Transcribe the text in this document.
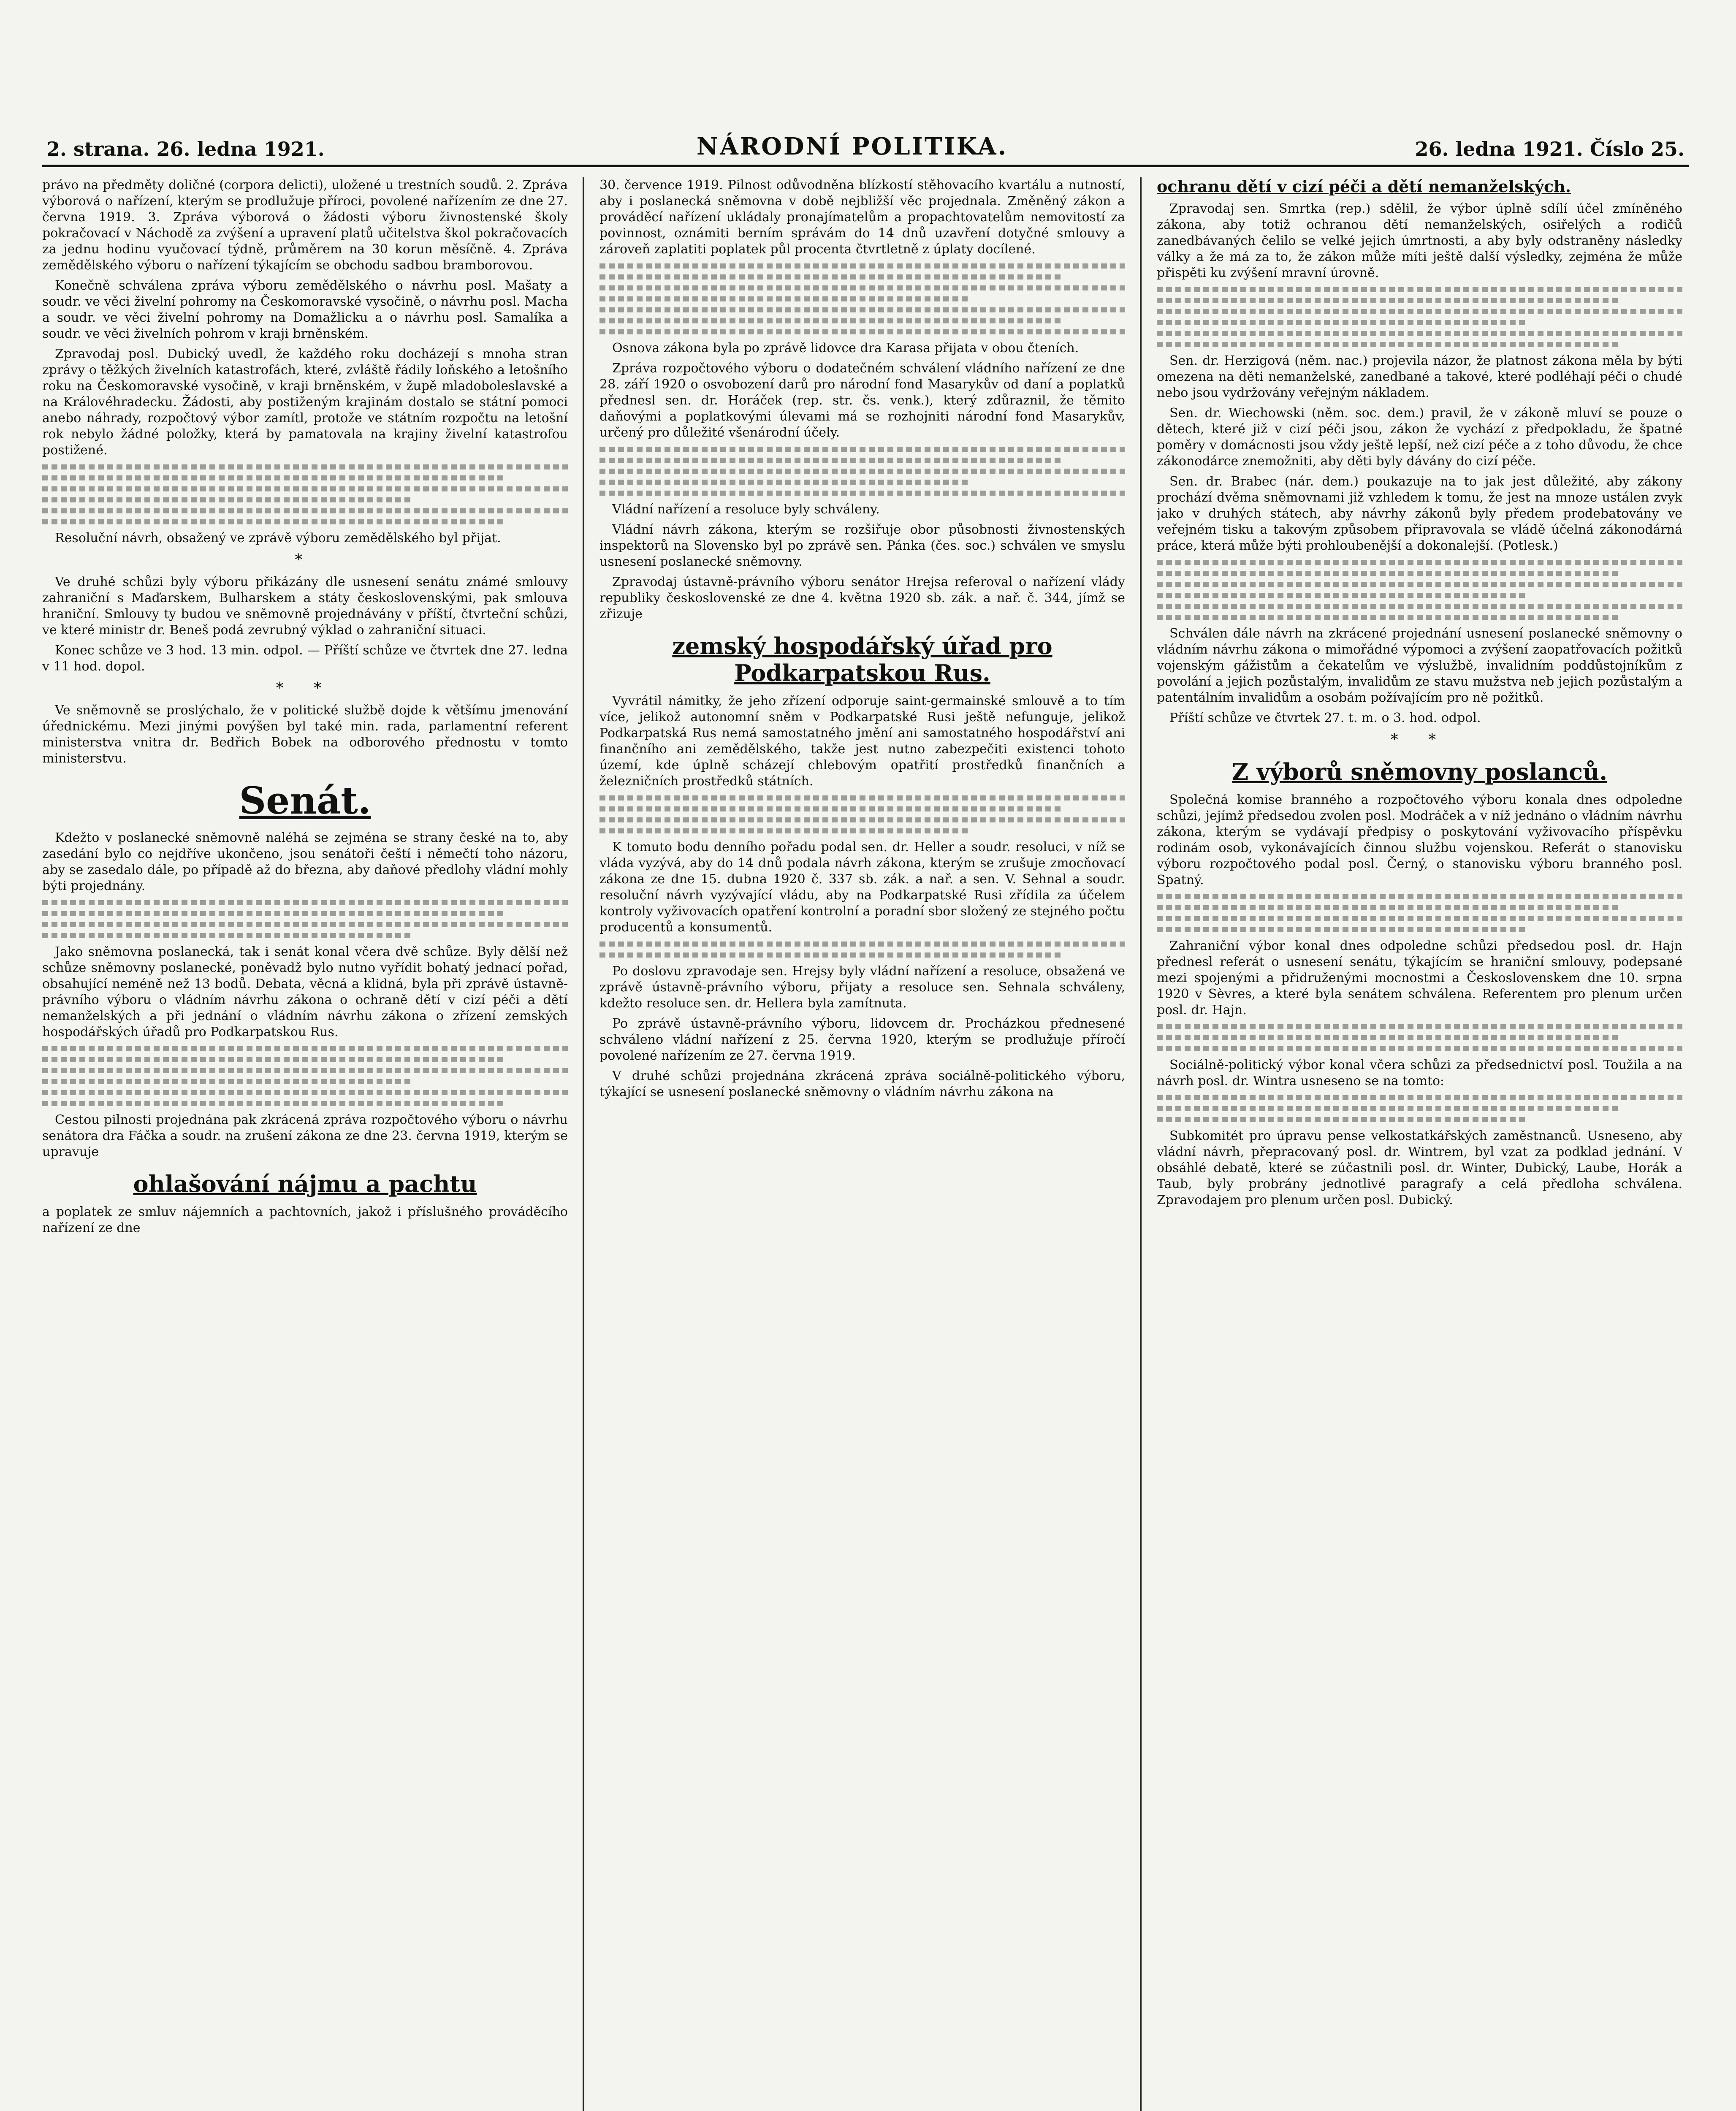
2. strana. 26. ledna 1921.	NÁRODNÍ POLITIKA.	26. ledna 1921. Číslo 25.

právo na předměty doličné (corpora delicti), uložené u trestních soudů. 2. Zpráva výborová o nařízení, kterým se prodlužuje příroci, povolené nařízením ze dne 27. června 1919. 3. Zpráva výborová o žádosti výboru živnostenské školy pokračovací v Náchodě za zvýšení a upravení platů učitelstva škol pokračovacích za jednu hodinu vyučovací týdně, průměrem na 30 korun měsíčně. 4. Zpráva zemědělského výboru o nařízení týkajícím se obchodu sadbou bramborovou.

Konečně schválena zpráva výboru zemědělského o návrhu posl. Mašaty a soudr. ve věci živelní pohromy na Českomoravské vysočině, o návrhu posl. Macha a soudr. ve věci živelní pohromy na Domažlicku a o návrhu posl. Samalíka a soudr. ve věci živelních pohrom v kraji brněnském.

Zpravodaj posl. Dubický uvedl, že každého roku docházejí s mnoha stran zprávy o těžkých živelních katastrofách, které, zvláště řádily loňského a letošního roku na Českomoravské vysočině, v kraji brněnském, v župě mladoboleslavské a na Královéhradecku. Žádosti, aby postiženým krajinám dostalo se státní pomoci anebo náhrady, rozpočtový výbor zamítl, protože ve státním rozpočtu na letošní rok nebylo žádné položky, která by pamatovala na krajiny živelní katastrofou postižené.

Resoluční návrh, obsažený ve zprávě výboru zemědělského byl přijat.

*

Ve druhé schůzi byly výboru přikázány dle usnesení senátu známé smlouvy zahraniční s Maďarskem, Bulharskem a státy československými, pak smlouva hraniční. Smlouvy ty budou ve sněmovně projednávány v příští, čtvrteční schůzi, ve které ministr dr. Beneš podá zevrubný výklad o zahraniční situaci.

Konec schůze ve 3 hod. 13 min. odpol. — Příští schůze ve čtvrtek dne 27. ledna v 11 hod. dopol.

* *

Ve sněmovně se proslýchalo, že v politické službě dojde k většímu jmenování úřednickému. Mezi jinými povýšen byl také min. rada, parlamentní referent ministerstva vnitra dr. Bedřich Bobek na odborového přednostu v tomto ministerstvu.

Senát.

Kdežto v poslanecké sněmovně naléhá se zejména se strany české na to, aby zasedání bylo co nejdříve ukončeno, jsou senátoři čeští i němečtí toho názoru, aby se zasedalo dále, po případě až do března, aby daňové předlohy vládní mohly býti projednány.

Jako sněmovna poslanecká, tak i senát konal včera dvě schůze. Byly dělší než schůze sněmovny poslanecké, poněvadž bylo nutno vyřídit bohatý jednací pořad, obsahující neméně než 13 bodů. Debata, věcná a klidná, byla při zprávě ústavně-právního výboru o vládním návrhu zákona o ochraně dětí v cizí péči a dětí nemanželských a při jednání o vládním návrhu zákona o zřízení zemských hospodářských úřadů pro Podkarpatskou Rus.

Cestou pilnosti projednána pak zkrácená zpráva rozpočtového výboru o návrhu senátora dra Fáčka a soudr. na zrušení zákona ze dne 23. června 1919, kterým se upravuje

ohlašování nájmu a pachtu

a poplatek ze smluv nájemních a pachtovních, jakož i příslušného prováděcího nařízení ze dne

30. července 1919. Pilnost odůvodněna blízkostí stěhovacího kvartálu a nutností, aby i poslanecká sněmovna v době nejbližší věc projednala. Změněný zákon a prováděcí nařízení ukládaly pronajímatelům a propachtovatelům nemovitostí za povinnost, oznámiti berním správám do 14 dnů uzavření dotyčné smlouvy a zároveň zaplatiti poplatek půl procenta čtvrtletně z úplaty docílené.

Osnova zákona byla po zprávě lidovce dra Karasa přijata v obou čteních.

Zpráva rozpočtového výboru o dodatečném schválení vládního nařízení ze dne 28. září 1920 o osvobození darů pro národní fond Masarykův od daní a poplatků přednesl sen. dr. Horáček (rep. str. čs. venk.), který zdůraznil, že těmito daňovými a poplatkovými úlevami má se rozhojniti národní fond Masarykův, určený pro důležité všenárodní účely.

Vládní nařízení a resoluce byly schváleny.

Vládní návrh zákona, kterým se rozšiřuje obor působnosti živnostenských inspektorů na Slovensko byl po zprávě sen. Pánka (čes. soc.) schválen ve smyslu usnesení poslanecké sněmovny.

Zpravodaj ústavně-právního výboru senátor Hrejsa referoval o nařízení vlády republiky československé ze dne 4. května 1920 sb. zák. a nař. č. 344, jímž se zřizuje

zemský hospodářský úřad pro Podkarpatskou Rus.

Vyvrátil námitky, že jeho zřízení odporuje saint-germainské smlouvě a to tím více, jelikož autonomní sněm v Podkarpatské Rusi ještě nefunguje, jelikož Podkarpatská Rus nemá samostatného jmění ani samostatného hospodářství ani finančního ani zemědělského, takže jest nutno zabezpečiti existenci tohoto území, kde úplně scházejí chlebovým opatřití prostředků finančních a železničních prostředků státních.

K tomuto bodu denního pořadu podal sen. dr. Heller a soudr. resoluci, v níž se vláda vyzývá, aby do 14 dnů podala návrh zákona, kterým se zrušuje zmocňovací zákona ze dne 15. dubna 1920 č. 337 sb. zák. a nař. a sen. V. Sehnal a soudr. resoluční návrh vyzývající vládu, aby na Podkarpatské Rusi zřídila za účelem kontroly vyživovacích opatření kontrolní a poradní sbor složený ze stejného počtu producentů a konsumentů.

Po doslovu zpravodaje sen. Hrejsy byly vládní nařízení a resoluce, obsažená ve zprávě ústavně-právního výboru, přijaty a resoluce sen. Sehnala schváleny, kdežto resoluce sen. dr. Hellera byla zamítnuta.

Po zprávě ústavně-právního výboru, lidovcem dr. Procházkou přednesené schváleno vládní nařízení z 25. června 1920, kterým se prodlužuje příročí povolené nařízením ze 27. června 1919.

V druhé schůzi projednána zkrácená zpráva sociálně-politického výboru, týkající se usnesení poslanecké sněmovny o vládním návrhu zákona na

ochranu dětí v cizí péči a dětí nemanželských.

Zpravodaj sen. Smrtka (rep.) sdělil, že výbor úplně sdílí účel zmíněného zákona, aby totiž ochranou dětí nemanželských, osiřelých a rodičů zanedbávaných čelilo se velké jejich úmrtnosti, a aby byly odstraněny následky války a že má za to, že zákon může míti ještě další výsledky, zejména že může přispěti ku zvýšení mravní úrovně.

Sen. dr. Herzigová (něm. nac.) projevila názor, že platnost zákona měla by býti omezena na děti nemanželské, zanedbané a takové, které podléhají péči o chudé nebo jsou vydržovány veřejným nákladem.

Sen. dr. Wiechowski (něm. soc. dem.) pravil, že v zákoně mluví se pouze o dětech, které již v cizí péči jsou, zákon že vychází z předpokladu, že špatné poměry v domácnosti jsou vždy ještě lepší, než cizí péče a z toho důvodu, že chce zákonodárce znemožniti, aby děti byly dávány do cizí péče.

Sen. dr. Brabec (nár. dem.) poukazuje na to jak jest důležité, aby zákony prochází dvěma sněmovnami již vzhledem k tomu, že jest na mnoze ustálen zvyk jako v druhých státech, aby návrhy zákonů byly předem prodebatovány ve veřejném tisku a takovým způsobem připravovala se vládě účelná zákonodárná práce, která může býti prohloubenější a dokonalejší. (Potlesk.)

Schválen dále návrh na zkrácené projednání usnesení poslanecké sněmovny o vládním návrhu zákona o mimořádné výpomoci a zvýšení zaopatřovacích požitků vojenským gážistům a čekatelům ve výslužbě, invalidním poddůstojníkům z povolání a jejich pozůstalým, invalidům ze stavu mužstva neb jejich pozůstalým a patentálním invalidům a osobám požívajícím pro ně požitků.

Příští schůze ve čtvrtek 27. t. m. o 3. hod. odpol.

* *
Z výborů sněmovny poslanců.

Společná komise branného a rozpočtového výboru konala dnes odpoledne schůzi, jejímž předsedou zvolen posl. Modráček a v níž jednáno o vládním návrhu zákona, kterým se vydávají předpisy o poskytování vyživovacího příspěvku rodinám osob, vykonávajících činnou službu vojenskou. Referát o stanovisku výboru rozpočtového podal posl. Černý, o stanovisku výboru branného posl. Spatný.

Zahraniční výbor konal dnes odpoledne schůzi předsedou posl. dr. Hajn přednesl referát o usnesení senátu, týkajícím se hraniční smlouvy, podepsané mezi spojenými a přidruženými mocnostmi a Československem dne 10. srpna 1920 v Sèvres, a které byla senátem schválena. Referentem pro plenum určen posl. dr. Hajn.

Sociálně-politický výbor konal včera schůzi za předsednictví posl. Toužila a na návrh posl. dr. Wintra usneseno se na tomto:

Subkomitét pro úpravu pense velkostatkářských zaměstnanců. Usneseno, aby vládní návrh, přepracovaný posl. dr. Wintrem, byl vzat za podklad jednání. V obsáhlé debatě, které se zúčastnili posl. dr. Winter, Dubický, Laube, Horák a Taub, byly probrány jednotlivé paragrafy a celá předloha schválena. Zpravodajem pro plenum určen posl. Dubický.
